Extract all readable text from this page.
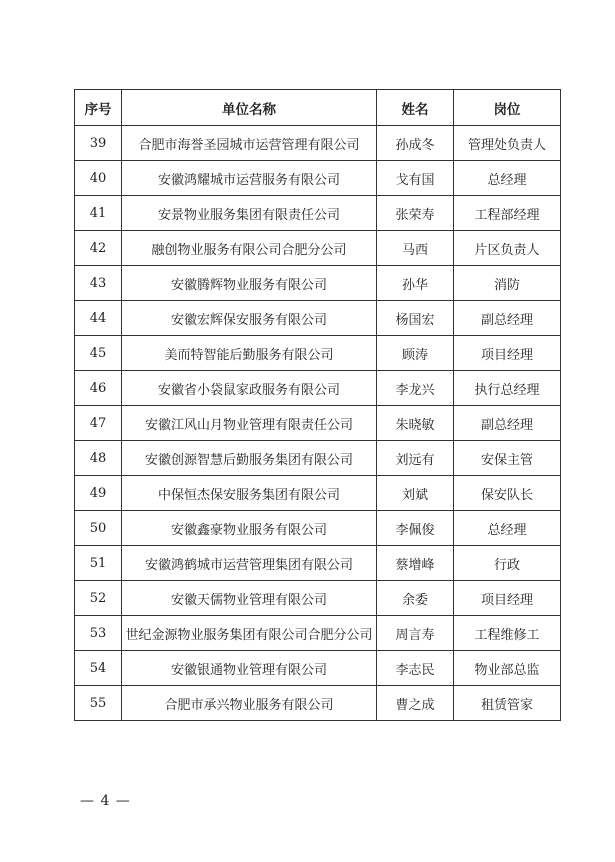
序号	单位名称	姓名	岗位
39	合肥市海誉圣园城市运营管理有限公司	孙成冬	管理处负责人
40	安徽鸿耀城市运营服务有限公司	戈有国	总经理
41	安景物业服务集团有限责任公司	张荣寿	工程部经理
42	融创物业服务有限公司合肥分公司	马西	片区负责人
43	安徽腾辉物业服务有限公司	孙华	消防
44	安徽宏辉保安服务有限公司	杨国宏	副总经理
45	美而特智能后勤服务有限公司	顾涛	项目经理
46	安徽省小袋鼠家政服务有限公司	李龙兴	执行总经理
47	安徽江风山月物业管理有限责任公司	朱晓敏	副总经理
48	安徽创源智慧后勤服务集团有限公司	刘远有	安保主管
49	中保恒杰保安服务集团有限公司	刘斌	保安队长
50	安徽鑫豪物业服务有限公司	李佩俊	总经理
51	安徽鸿鹤城市运营管理集团有限公司	蔡增峰	行政
52	安徽天儒物业管理有限公司	余委	项目经理
53	世纪金源物业服务集团有限公司合肥分公司	周言寿	工程维修工
54	安徽银通物业管理有限公司	李志民	物业部总监
55	合肥市承兴物业服务有限公司	曹之成	租赁管家
— 4 —
